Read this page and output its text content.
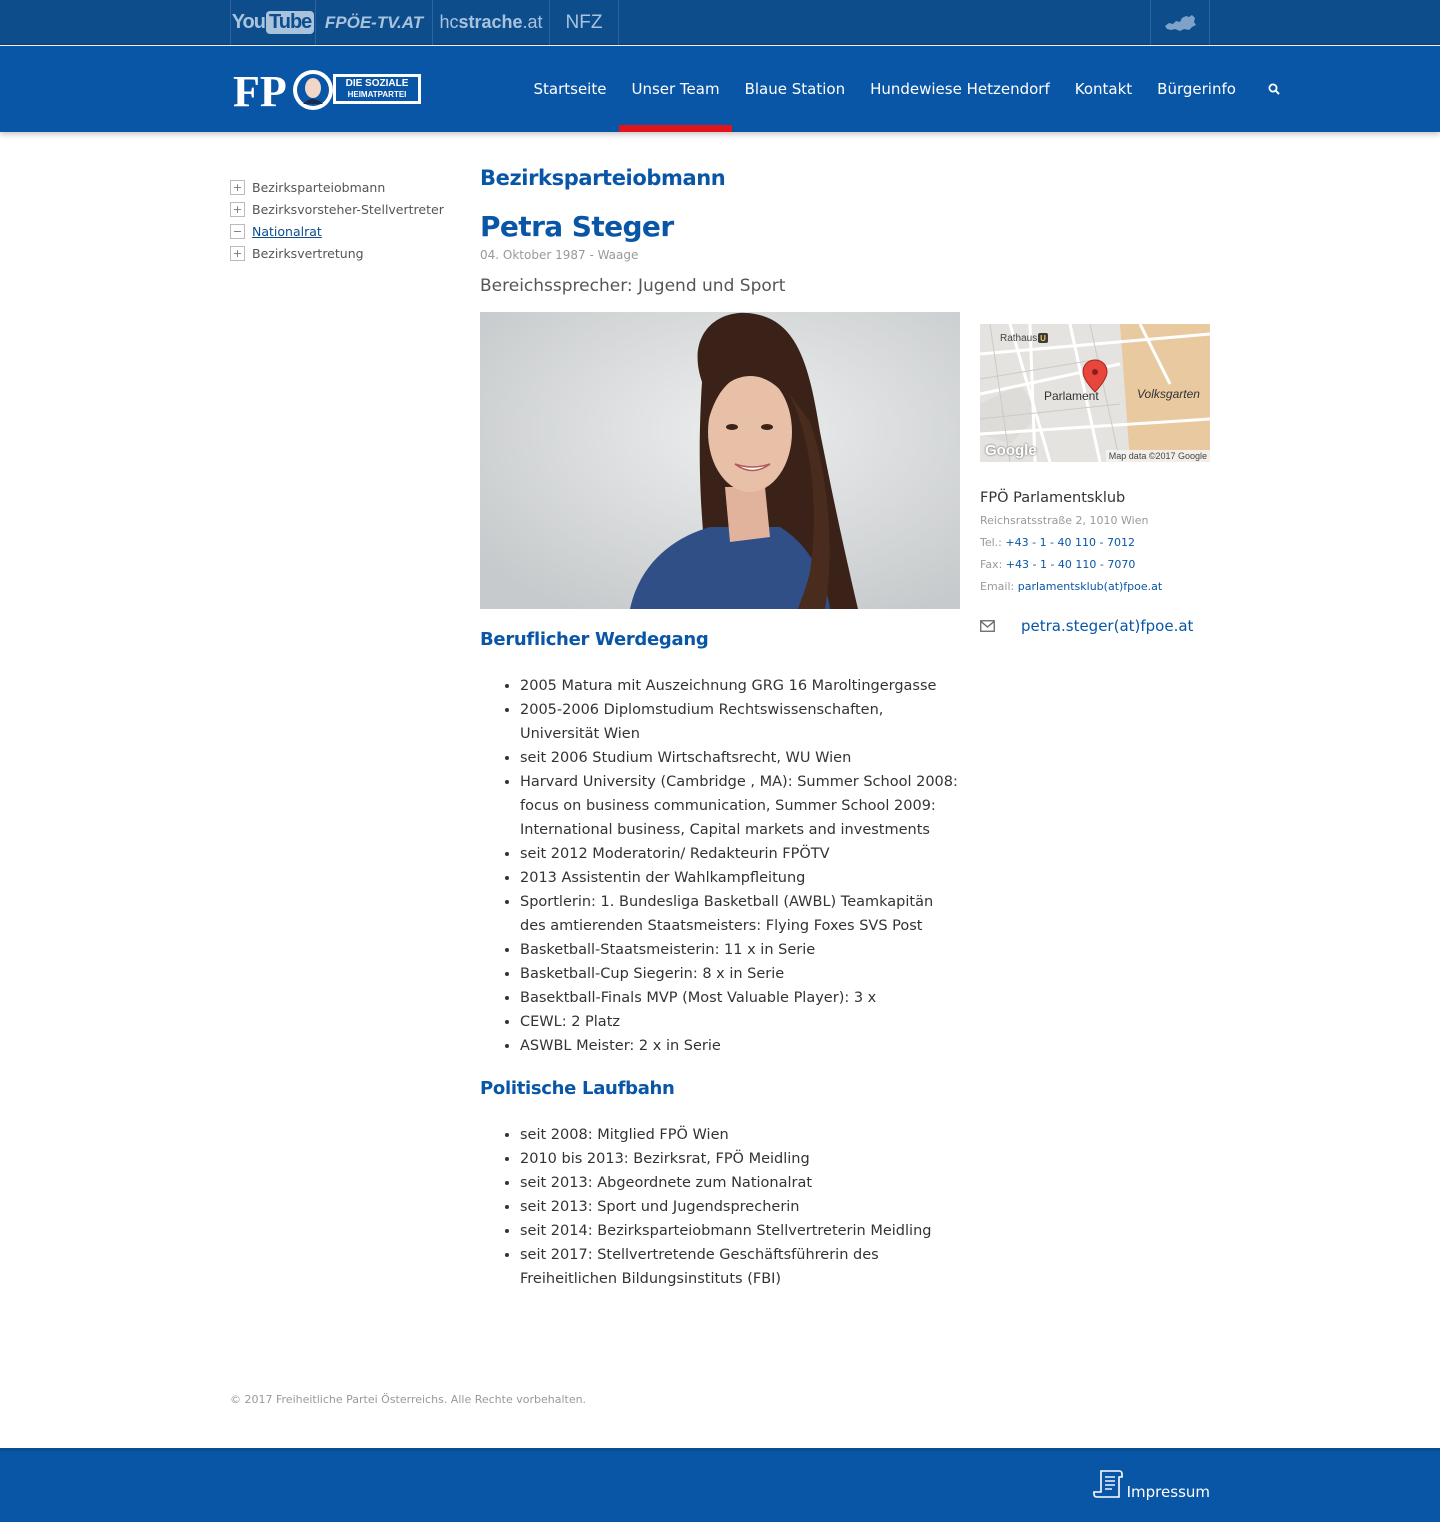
You Tube FPÖE-TV.AT hc strache .at	NFZ
FP	DIE SOZIALE
HEIMATPARTEI	Startseite	Unser Team	Blaue Station	Hundewiese Hetzendorf	Kontakt	Bürgerinfo
+ Bezirksparteiobmann
+ Bezirksvorsteher-Stellvertreter
− Nationalrat
+ Bezirksvertretung
Bezirksparteiobmann
Petra Steger
04. Oktober 1987 - Waage
Bereichssprecher: Jugend und Sport
Beruflicher Werdegang
• 2005 Matura mit Auszeichnung GRG 16 Maroltingergasse
• 2005-2006 Diplomstudium Rechtswissenschaften, Universität Wien
• seit 2006 Studium Wirtschaftsrecht, WU Wien
• Harvard University (Cambridge , MA): Summer School 2008: focus on business communication, Summer School 2009: International business, Capital markets and investments
• seit 2012 Moderatorin/ Redakteurin FPÖTV
• 2013 Assistentin der Wahlkampfleitung
• Sportlerin: 1. Bundesliga Basketball (AWBL) Teamkapitän des amtierenden Staatsmeisters: Flying Foxes SVS Post
• Basketball-Staatsmeisterin: 11 x in Serie
• Basketball-Cup Siegerin: 8 x in Serie
• Basektball-Finals MVP (Most Valuable Player): 3 x
• CEWL: 2 Platz
• ASWBL Meister: 2 x in Serie
Politische Laufbahn
• seit 2008: Mitglied FPÖ Wien
• 2010 bis 2013: Bezirksrat, FPÖ Meidling
• seit 2013: Abgeordnete zum Nationalrat
• seit 2013: Sport und Jugendsprecherin
• seit 2014: Bezirksparteiobmann Stellvertreterin Meidling
• seit 2017: Stellvertretende Geschäftsführerin des Freiheitlichen Bildungsinstituts (FBI)
U
Rathaus
Parlament	Volksgarten
Google	Map data ©2017 Google
FPÖ Parlamentsklub
Reichsratsstraße 2, 1010 Wien
Tel.: +43 - 1 - 40 110 - 7012
Fax: +43 - 1 - 40 110 - 7070
Email: parlamentsklub(at)fpoe.at
petra.steger(at)fpoe.at
© 2017 Freiheitliche Partei Österreichs. Alle Rechte vorbehalten.
Impressum
